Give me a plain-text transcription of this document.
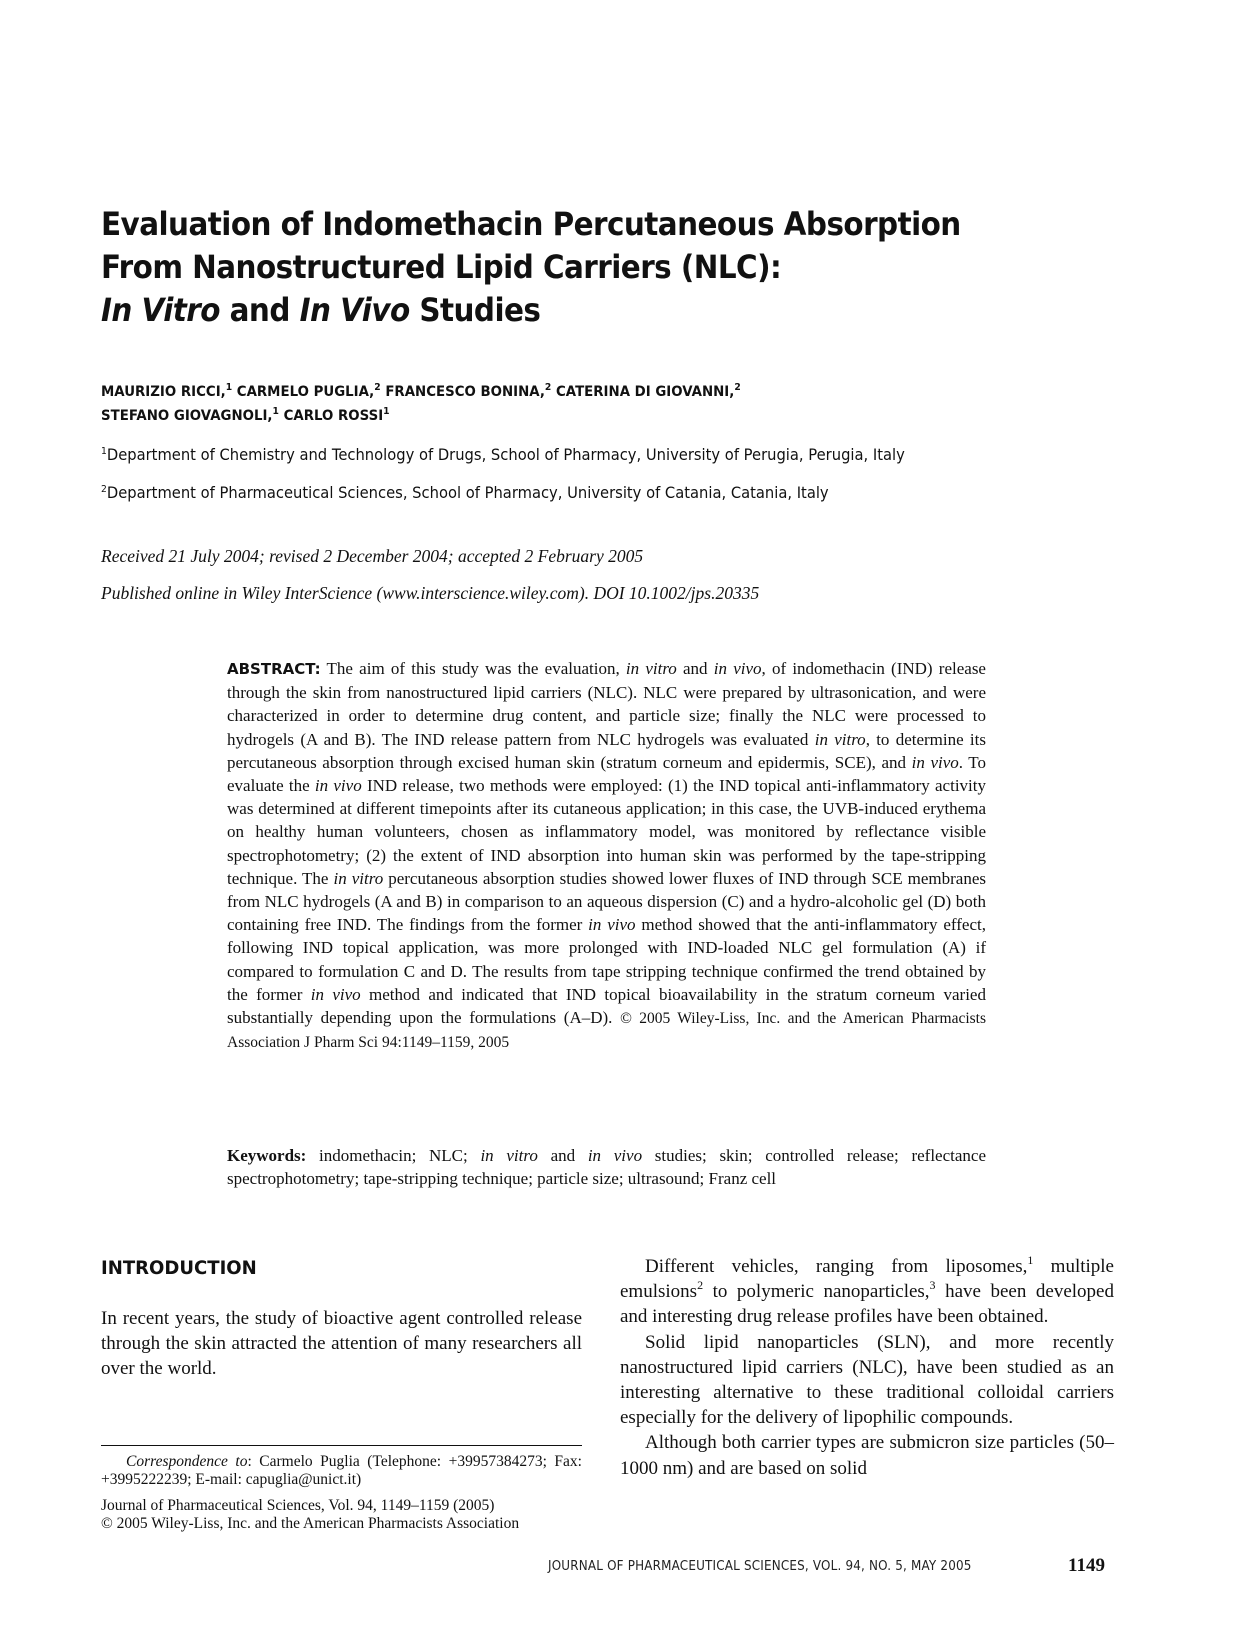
Evaluation of Indomethacin Percutaneous Absorption
From Nanostructured Lipid Carriers (NLC):
In Vitro and In Vivo Studies
MAURIZIO RICCI,$^1$ CARMELO PUGLIA,$^2$ FRANCESCO BONINA,$^2$ CATERINA DI GIOVANNI,$^2$
STEFANO GIOVAGNOLI,$^1$ CARLO ROSSI$^1$
$^1$Department of Chemistry and Technology of Drugs, School of Pharmacy, University of Perugia, Perugia, Italy
$^2$Department of Pharmaceutical Sciences, School of Pharmacy, University of Catania, Catania, Italy
Received 21 July 2004; revised 2 December 2004; accepted 2 February 2005
Published online in Wiley InterScience (www.interscience.wiley.com). DOI 10.1002/jps.20335
ABSTRACT: The aim of this study was the evaluation, in vitro and in vivo, of indomethacin (IND) release through the skin from nanostructured lipid carriers (NLC). NLC were prepared by ultrasonication, and were characterized in order to determine drug content, and particle size; finally the NLC were processed to hydrogels (A and B). The IND release pattern from NLC hydrogels was evaluated in vitro, to determine its percutaneous absorption through excised human skin (stratum corneum and epidermis, SCE), and in vivo. To evaluate the in vivo IND release, two methods were employed: (1) the IND topical anti-inflammatory activity was determined at different timepoints after its cutaneous application; in this case, the UVB-induced erythema on healthy human volunteers, chosen as inflammatory model, was monitored by reflectance visible spectrophotometry; (2) the extent of IND absorption into human skin was performed by the tape-stripping technique. The in vitro percutaneous absorption studies showed lower fluxes of IND through SCE membranes from NLC hydrogels (A and B) in comparison to an aqueous dispersion (C) and a hydro-alcoholic gel (D) both containing free IND. The findings from the former in vivo method showed that the anti-inflammatory effect, following IND topical application, was more prolonged with IND-loaded NLC gel formulation (A) if compared to formulation C and D. The results from tape stripping technique confirmed the trend obtained by the former in vivo method and indicated that IND topical bioavailability in the stratum corneum varied substantially depending upon the formulations (A–D). © 2005 Wiley-Liss, Inc. and the American Pharmacists Association J Pharm Sci 94:1149–1159, 2005
Keywords: indomethacin; NLC; in vitro and in vivo studies; skin; controlled release; reflectance spectrophotometry; tape-stripping technique; particle size; ultrasound; Franz cell
INTRODUCTION

In recent years, the study of bioactive agent controlled release through the skin attracted the attention of many researchers all over the world.

Different vehicles, ranging from liposomes,$^1$ multiple emulsions$^2$ to polymeric nanoparticles,$^3$ have been developed and interesting drug release profiles have been obtained.

Solid lipid nanoparticles (SLN), and more recently nanostructured lipid carriers (NLC), have been studied as an interesting alternative to these traditional colloidal carriers especially for the delivery of lipophilic compounds.

Although both carrier types are submicron size particles (50–1000 nm) and are based on solid

Correspondence to: Carmelo Puglia (Telephone: +39957384273; Fax: +3995222239; E-mail: capuglia@unict.it)

Journal of Pharmaceutical Sciences, Vol. 94, 1149–1159 (2005)
© 2005 Wiley-Liss, Inc. and the American Pharmacists Association
JOURNAL OF PHARMACEUTICAL SCIENCES, VOL. 94, NO. 5, MAY 2005	1149
